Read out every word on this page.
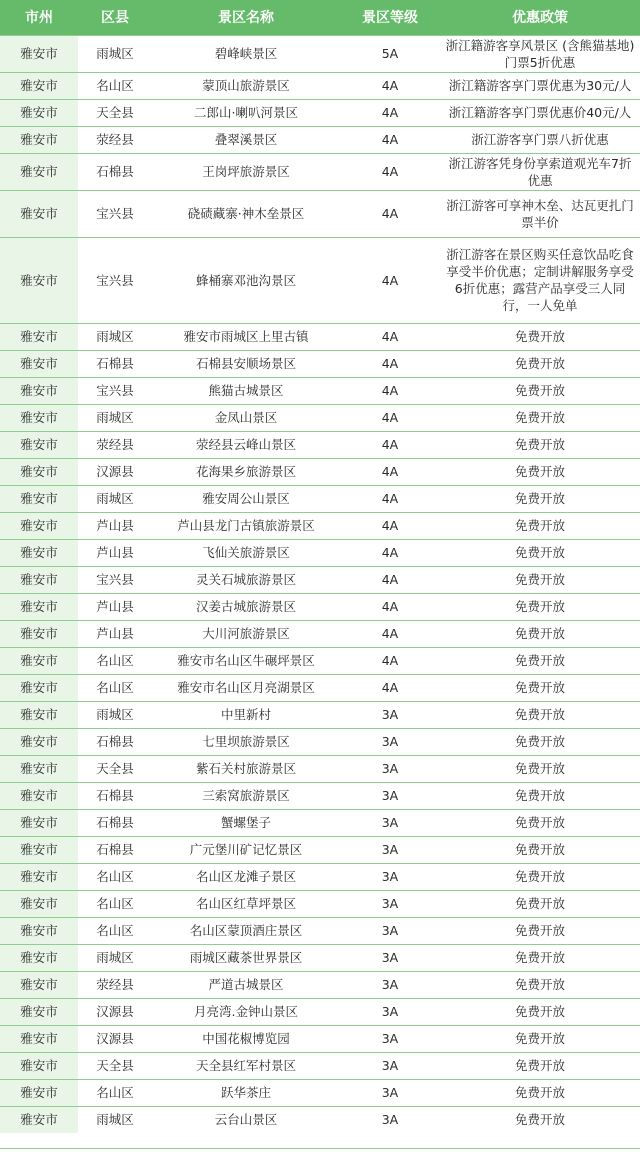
市州	区县	景区名称	景区等级	优惠政策
雅安市	雨城区	碧峰峡景区	5A	浙江籍游客享风景区 (含熊猫基地) 门票5折优惠
雅安市	名山区	蒙顶山旅游景区	4A	浙江籍游客享门票优惠为30元/人
雅安市	天全县	二郎山·喇叭河景区	4A	浙江籍游客享门票优惠价40元/人
雅安市	荥经县	叠翠溪景区	4A	浙江游客享门票八折优惠
雅安市	石棉县	王岗坪旅游景区	4A	浙江游客凭身份享索道观光车7折优惠
雅安市	宝兴县	硗碛藏寨·神木垒景区	4A	浙江游客可享神木垒、达瓦更扎门票半价
雅安市	宝兴县	蜂桶寨邓池沟景区	4A	浙江游客在景区购买任意饮品吃食享受半价优惠；定制讲解服务享受6折优惠；露营产品享受三人同行，一人免单
雅安市	雨城区	雅安市雨城区上里古镇	4A	免费开放
雅安市	石棉县	石棉县安顺场景区	4A	免费开放
雅安市	宝兴县	熊猫古城景区	4A	免费开放
雅安市	雨城区	金凤山景区	4A	免费开放
雅安市	荥经县	荥经县云峰山景区	4A	免费开放
雅安市	汉源县	花海果乡旅游景区	4A	免费开放
雅安市	雨城区	雅安周公山景区	4A	免费开放
雅安市	芦山县	芦山县龙门古镇旅游景区	4A	免费开放
雅安市	芦山县	飞仙关旅游景区	4A	免费开放
雅安市	宝兴县	灵关石城旅游景区	4A	免费开放
雅安市	芦山县	汉姜古城旅游景区	4A	免费开放
雅安市	芦山县	大川河旅游景区	4A	免费开放
雅安市	名山区	雅安市名山区牛碾坪景区	4A	免费开放
雅安市	名山区	雅安市名山区月亮湖景区	4A	免费开放
雅安市	雨城区	中里新村	3A	免费开放
雅安市	石棉县	七里坝旅游景区	3A	免费开放
雅安市	天全县	紫石关村旅游景区	3A	免费开放
雅安市	石棉县	三索窝旅游景区	3A	免费开放
雅安市	石棉县	蟹螺堡子	3A	免费开放
雅安市	石棉县	广元堡川矿记忆景区	3A	免费开放
雅安市	名山区	名山区龙滩子景区	3A	免费开放
雅安市	名山区	名山区红草坪景区	3A	免费开放
雅安市	名山区	名山区蒙顶酒庄景区	3A	免费开放
雅安市	雨城区	雨城区藏茶世界景区	3A	免费开放
雅安市	荥经县	严道古城景区	3A	免费开放
雅安市	汉源县	月亮湾.金钟山景区	3A	免费开放
雅安市	汉源县	中国花椒博览园	3A	免费开放
雅安市	天全县	天全县红军村景区	3A	免费开放
雅安市	名山区	跃华茶庄	3A	免费开放
雅安市	雨城区	云台山景区	3A	免费开放
